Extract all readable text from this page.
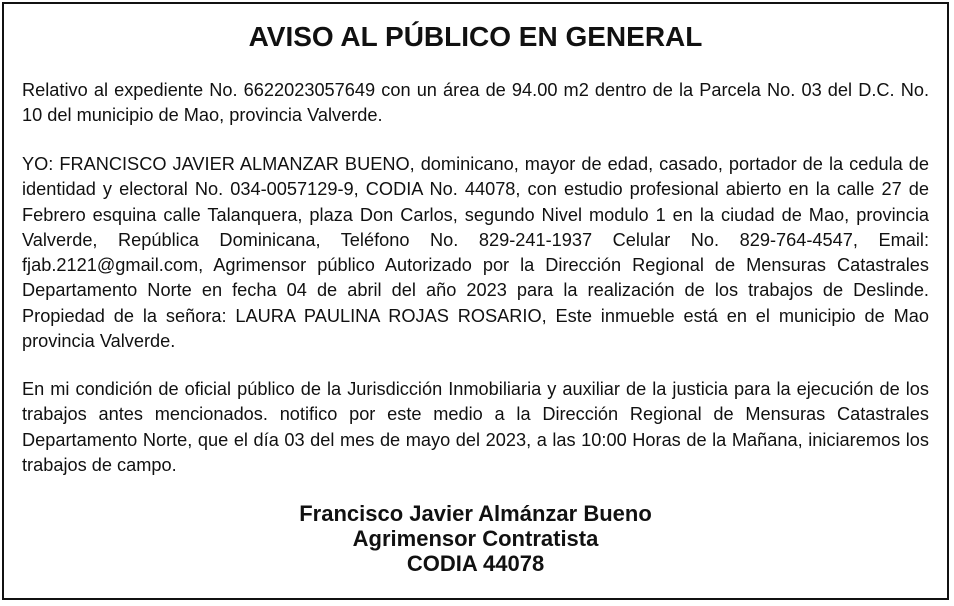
AVISO AL PÚBLICO EN GENERAL

Relativo al expediente No. 6622023057649 con un área de 94.00 m2 dentro de la Parcela No. 03 del D.C. No. 10 del municipio de Mao, provincia Valverde.

YO: FRANCISCO JAVIER ALMANZAR BUENO, dominicano, mayor de edad, casado, portador de la cedula de identidad y electoral No. 034-0057129-9, CODIA No. 44078, con estudio profesional abierto en la calle 27 de Febrero esquina calle Talanquera, plaza Don Carlos, segundo Nivel modulo 1 en la ciudad de Mao, provincia Valverde, República Dominicana, Teléfono No. 829-241-1937 Celular No. 829-764-4547, Email: fjab.2121@gmail.com, Agrimensor público Autorizado por la Dirección Regional de Mensuras Catastrales Departamento Norte en fecha 04 de abril del año 2023 para la realización de los trabajos de Deslinde. Propiedad de la señora: LAURA PAULINA ROJAS ROSARIO, Este inmueble está en el municipio de Mao provincia Valverde.

En mi condición de oficial público de la Jurisdicción Inmobiliaria y auxiliar de la justicia para la ejecución de los trabajos antes mencionados. notifico por este medio a la Dirección Regional de Mensuras Catastrales Departamento Norte, que el día 03 del mes de mayo del 2023, a las 10:00 Horas de la Mañana, iniciaremos los trabajos de campo.

Francisco Javier Almánzar Bueno
Agrimensor Contratista
CODIA 44078
